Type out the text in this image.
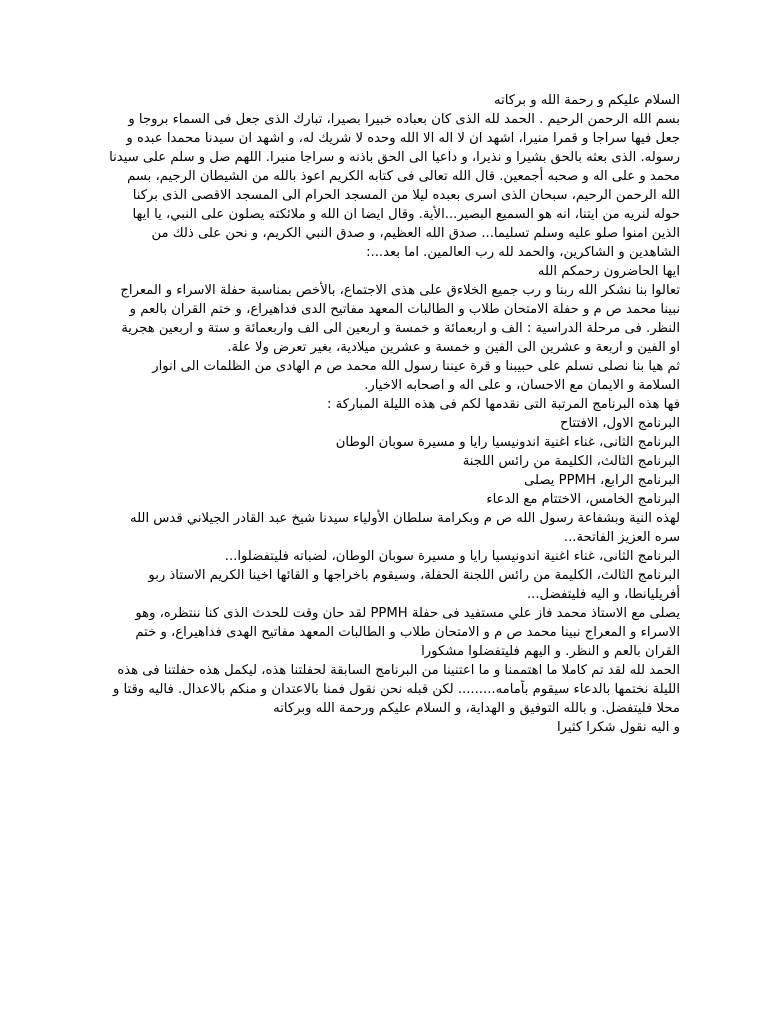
السلام عليكم و رحمة الله و بركاته
بسم الله الرحمن الرحيم . الحمد لله الذى كان بعباده خبيرا بصيرا، تبارك الذى جعل فى السماء بروجا و
جعل فيها سراجا و قمرا منيرا، اشهد ان لا اله الا الله وحده لا شريك له، و اشهد ان سيدنا محمدا عبده و
رسوله. الذى بعثه بالحق بشيرا و نذيرا، و داعيا الى الحق باذنه و سراجا منيرا. اللهم صل و سلم على سيدنا
محمد و على اله و صحبه أجمعين. قال الله تعالى فى كتابه الكريم اعوذ بالله من الشيطان الرجيم، بسم
الله الرحمن الرحيم، سبحان الذى اسرى بعبده ليلا من المسجد الحرام الى المسجد الاقصى الذى بركنا
حوله لنريه من ايتنا، انه هو السميع البصير...الأية. وقال ايضا ان الله و ملائكته يصلون على النبي، يا ايها
الذين امنوا صلو عليه وسلم تسليما... صدق الله العظيم، و صدق النبي الكريم، و نحن على ذلك من
الشاهدين و الشاكرين، والحمد لله رب العالمين. اما بعد...:
ايها الحاضرون رحمكم الله
تعالوا بنا نشكر الله ربنا و رب جميع الخلاءق على هذى الاجتماع، بالأخص بمناسبة حفلة الاسراء و المعراج
نبينا محمد ص م و حفلة الامتحان طلاب و الطالبات المعهد مفاتيح الدى فداهيراع، و ختم القران بالعم و
النظر. فى مرحلة الدراسية : الف و اربعمائة و خمسة و اربعين الى الف واربعمائة و ستة و اربعين هجرية
او الفين و اربعة و عشرين الى الفين و خمسة و عشرين ميلادية، بغير تعرض ولا علة.
ثم هيا بنا نصلى نسلم على حبيبنا و قرة عيننا رسول الله محمد ص م الهادى من الظلمات الى انوار
السلامة و الايمان مع الاحسان، و على اله و اصحابه الاخيار.
فها هذه البرنامج المرتبة التى نقدمها لكم فى هذه الليلة المباركة :
البرنامج الاول، الافتتاح
البرنامج الثانى، غناء اغنية اندونيسيا رايا و مسيرة سوبان الوطان
البرنامج الثالث، الكليمة من رائس اللجنة
البرنامج الرابع، PPMH يصلى
البرنامج الخامس، الاختتام مع الدعاء
لهذه النية وبشفاعة رسول الله ص م وبكرامة سلطان الأولياء سيدنا شيخ عبد القادر الجيلاني قدس الله
سره العزيز الفاتحة...
البرنامج الثانى، غناء اغنية اندونيسيا رايا و مسيرة سوبان الوطان، لضباته فليتفضلوا...
البرنامج الثالث، الكليمة من رائس اللجنة الحفلة، وسيقوم باخراجها و القائها اخينا الكريم الاستاذ ربو
أفريليانطا، و اليه فليتفضل...
يصلى مع الاستاذ محمد فاز علي مستفيد فى حفلة PPMH لقد حان وقت للحدث الذى كنا ننتظره، وهو
الاسراء و المعراج نبينا محمد ص م و الامتحان طلاب و الطالبات المعهد مفاتيح الهدى فداهيراع، و ختم
القران بالعم و النظر. و اليهم فليتفضلوا مشكورا
الحمد لله لقد تم كاملا ما اهتممنا و ما اعتنينا من البرنامج السابقة لحفلتنا هذه، ليكمل هذه حفلتنا فى هذه
الليلة نختمها بالدعاء سيقوم باًمامه......... لكن قبله نحن نقول فمنا بالاعتدان و منكم بالاعدال. فاليه وقتا و
محلا فليتفضل. و بالله التوفيق و الهداية، و السلام عليكم ورحمة الله وبركاته
و اليه نقول شكرا كثيرا
